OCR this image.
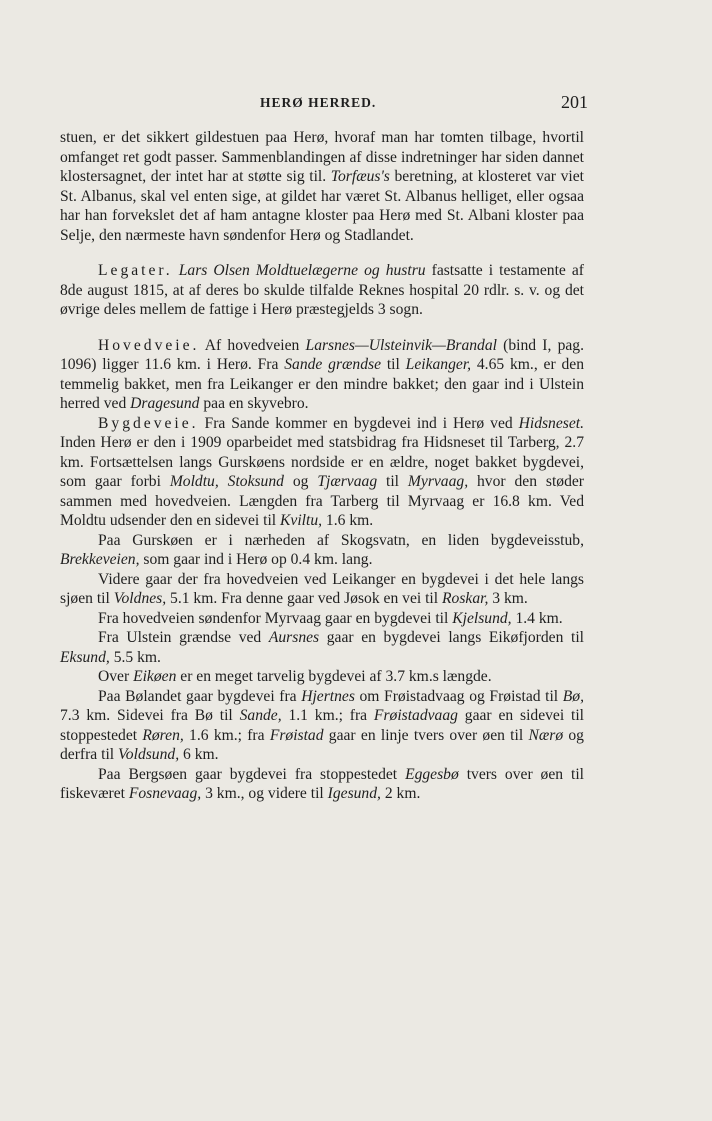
HERØ HERRED.	201

stuen, er det sikkert gildestuen paa Herø, hvoraf man har tomten tilbage, hvortil omfanget ret godt passer. Sammenblandingen af disse indretninger har siden dannet klostersagnet, der intet har at støtte sig til. Torfæus's beretning, at klosteret var viet St. Albanus, skal vel enten sige, at gildet har været St. Albanus helliget, eller ogsaa har han forvekslet det af ham antagne kloster paa Herø med St. Albani kloster paa Selje, den nærmeste havn søndenfor Herø og Stadlandet.

Legater. Lars Olsen Moldtuelægerne og hustru fastsatte i testamente af 8de august 1815, at af deres bo skulde tilfalde Reknes hospital 20 rdlr. s. v. og det øvrige deles mellem de fattige i Herø præstegjelds 3 sogn.

Hovedveie. Af hovedveien Larsnes—Ulsteinvik—Brandal (bind I, pag. 1096) ligger 11.6 km. i Herø. Fra Sande grændse til Leikanger, 4.65 km., er den temmelig bakket, men fra Leikanger er den mindre bakket; den gaar ind i Ulstein herred ved Dragesund paa en skyvebro.

Bygdeveie. Fra Sande kommer en bygdevei ind i Herø ved Hidsneset. Inden Herø er den i 1909 oparbeidet med statsbidrag fra Hidsneset til Tarberg, 2.7 km. Fortsættelsen langs Gurskøens nordside er en ældre, noget bakket bygdevei, som gaar forbi Moldtu, Stoksund og Tjærvaag til Myrvaag, hvor den støder sammen med hovedveien. Længden fra Tarberg til Myrvaag er 16.8 km. Ved Moldtu udsender den en sidevei til Kviltu, 1.6 km.

Paa Gurskøen er i nærheden af Skogsvatn, en liden bygdeveisstub, Brekkeveien, som gaar ind i Herø op 0.4 km. lang.

Videre gaar der fra hovedveien ved Leikanger en bygdevei i det hele langs sjøen til Voldnes, 5.1 km. Fra denne gaar ved Jøsok en vei til Roskar, 3 km.

Fra hovedveien søndenfor Myrvaag gaar en bygdevei til Kjelsund, 1.4 km.

Fra Ulstein grændse ved Aursnes gaar en bygdevei langs Eikøfjorden til Eksund, 5.5 km.

Over Eikøen er en meget tarvelig bygdevei af 3.7 km.s længde.

Paa Bølandet gaar bygdevei fra Hjertnes om Frøistadvaag og Frøistad til Bø, 7.3 km. Sidevei fra Bø til Sande, 1.1 km.; fra Frøistadvaag gaar en sidevei til stoppestedet Røren, 1.6 km.; fra Frøistad gaar en linje tvers over øen til Nærø og derfra til Voldsund, 6 km.

Paa Bergsøen gaar bygdevei fra stoppestedet Eggesbø tvers over øen til fiskeværet Fosnevaag, 3 km., og videre til Igesund, 2 km.
